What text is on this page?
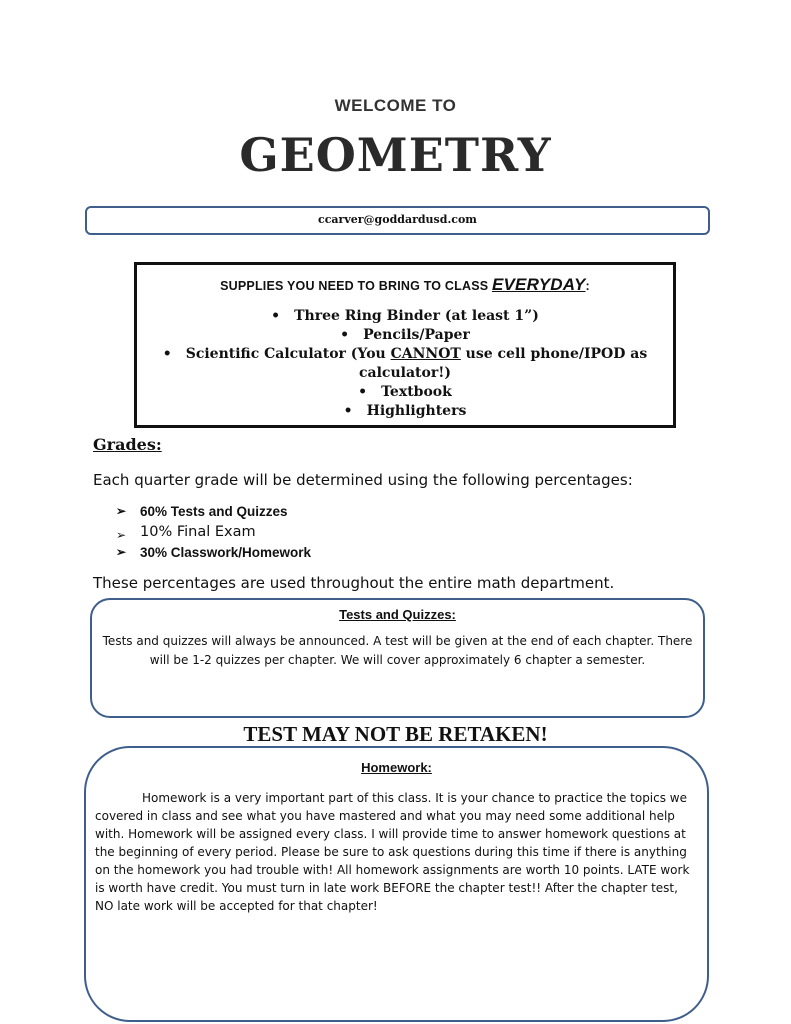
WELCOME TO
GEOMETRY
ccarver@goddardusd.com
SUPPLIES YOU NEED TO BRING TO CLASS EVERYDAY:
• Three Ring Binder (at least 1”)
• Pencils/Paper
• Scientific Calculator (You CANNOT use cell phone/IPOD as calculator!)
• Textbook
• Highlighters
Grades:
Each quarter grade will be determined using the following percentages:
➢ 60% Tests and Quizzes
➢ 10% Final Exam
➢ 30% Classwork/Homework
These percentages are used throughout the entire math department.
Tests and Quizzes:
Tests and quizzes will always be announced. A test will be given at the end of each chapter. There will be 1-2 quizzes per chapter. We will cover approximately 6 chapter a semester.
TEST MAY NOT BE RETAKEN!
Homework:
Homework is a very important part of this class. It is your chance to practice the topics we covered in class and see what you have mastered and what you may need some additional help with. Homework will be assigned every class. I will provide time to answer homework questions at the beginning of every period. Please be sure to ask questions during this time if there is anything on the homework you had trouble with! All homework assignments are worth 10 points. LATE work is worth have credit. You must turn in late work BEFORE the chapter test!! After the chapter test, NO late work will be accepted for that chapter!
